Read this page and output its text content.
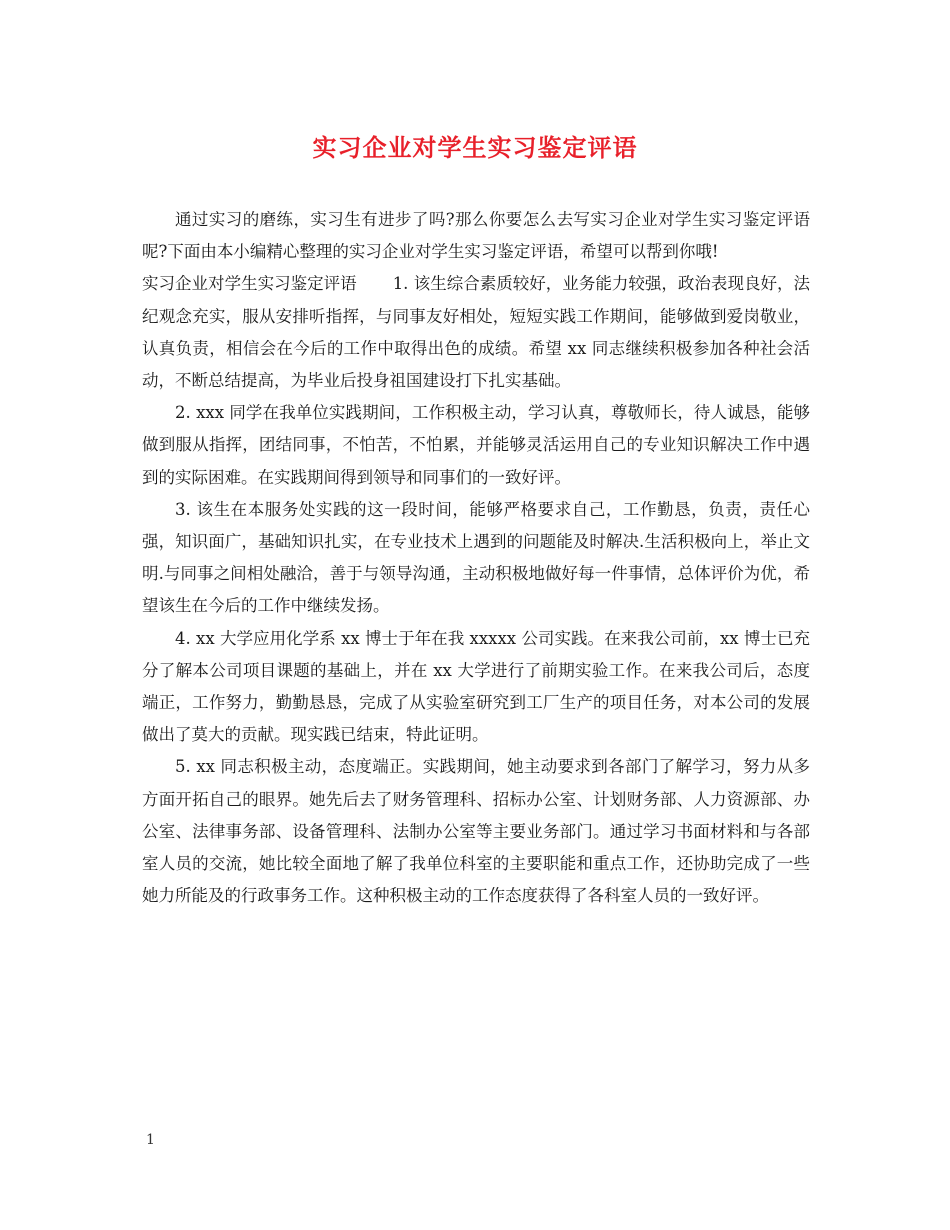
实习企业对学生实习鉴定评语

通过实习的磨练，实习生有进步了吗?那么你要怎么去写实习企业对学生实习鉴定评语呢?下面由本小编精心整理的实习企业对学生实习鉴定评语，希望可以帮到你哦!

实习企业对学生实习鉴定评语 1. 该生综合素质较好，业务能力较强，政治表现良好，法纪观念充实，服从安排听指挥，与同事友好相处，短短实践工作期间，能够做到爱岗敬业，认真负责，相信会在今后的工作中取得出色的成绩。希望 xx 同志继续积极参加各种社会活动，不断总结提高，为毕业后投身祖国建设打下扎实基础。

2. xxx 同学在我单位实践期间，工作积极主动，学习认真，尊敬师长，待人诚恳，能够做到服从指挥，团结同事，不怕苦，不怕累，并能够灵活运用自己的专业知识解决工作中遇到的实际困难。在实践期间得到领导和同事们的一致好评。

3. 该生在本服务处实践的这一段时间，能够严格要求自己，工作勤恳，负责，责任心强，知识面广，基础知识扎实，在专业技术上遇到的问题能及时解决.生活积极向上，举止文明.与同事之间相处融洽，善于与领导沟通，主动积极地做好每一件事情，总体评价为优，希望该生在今后的工作中继续发扬。

4. xx 大学应用化学系 xx 博士于年在我 xxxxx 公司实践。在来我公司前，xx 博士已充分了解本公司项目课题的基础上，并在 xx 大学进行了前期实验工作。在来我公司后，态度端正，工作努力，勤勤恳恳，完成了从实验室研究到工厂生产的项目任务，对本公司的发展做出了莫大的贡献。现实践已结束，特此证明。

5. xx 同志积极主动，态度端正。实践期间，她主动要求到各部门了解学习，努力从多方面开拓自己的眼界。她先后去了财务管理科、招标办公室、计划财务部、人力资源部、办公室、法律事务部、设备管理科、法制办公室等主要业务部门。通过学习书面材料和与各部室人员的交流，她比较全面地了解了我单位科室的主要职能和重点工作，还协助完成了一些她力所能及的行政事务工作。这种积极主动的工作态度获得了各科室人员的一致好评。

1
